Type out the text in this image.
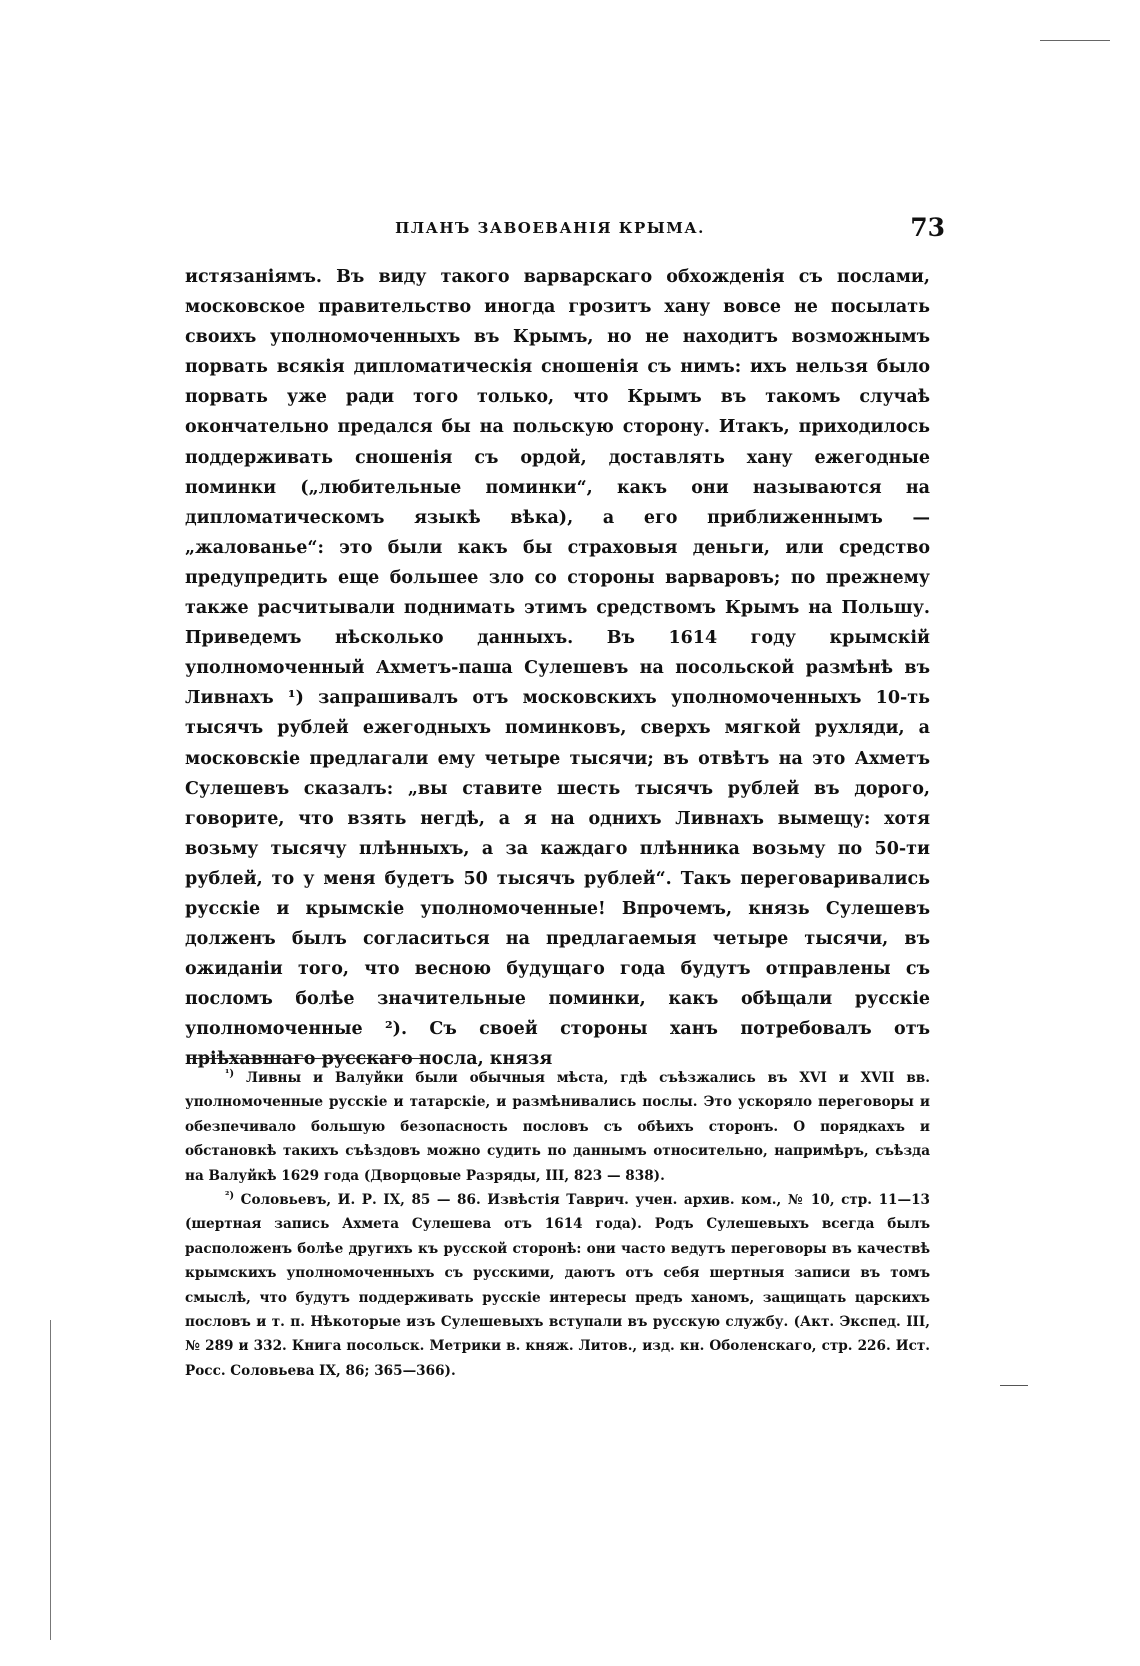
ПЛАНЪ ЗАВОЕВАНІЯ КРЫМА.	73

истязаніямъ. Въ виду такого варварскаго обхожденія съ послами, московское правительство иногда грозитъ хану вовсе не посылать своихъ уполномоченныхъ въ Крымъ, но не находитъ возможнымъ порвать всякія дипломатическія сношенія съ нимъ: ихъ нельзя было порвать уже ради того только, что Крымъ въ такомъ случаѣ окончательно предался бы на польскую сторону. Итакъ, приходилось поддерживать сношенія съ ордой, доставлять хану ежегодные поминки („любительные поминки“, какъ они называются на дипломатическомъ языкѣ вѣка), а его приближеннымъ — „жалованье“: это были какъ бы страховыя деньги, или средство предупредить еще большее зло со стороны варваровъ; по прежнему также расчитывали поднимать этимъ средствомъ Крымъ на Польшу. Приведемъ нѣсколько данныхъ. Въ 1614 году крымскій уполномоченный Ахметъ-паша Сулешевъ на посольской размѣнѣ въ Ливнахъ ¹) запрашивалъ отъ московскихъ уполномоченныхъ 10-ть тысячъ рублей ежегодныхъ поминковъ, сверхъ мягкой рухляди, а московскіе предлагали ему четыре тысячи; въ отвѣтъ на это Ахметъ Сулешевъ сказалъ: „вы ставите шесть тысячъ рублей въ дорого, говорите, что взять негдѣ, а я на однихъ Ливнахъ вымещу: хотя возьму тысячу плѣнныхъ, а за каждаго плѣнника возьму по 50-ти рублей, то у меня будетъ 50 тысячъ рублей“. Такъ переговаривались русскіе и крымскіе уполномоченные! Впрочемъ, князь Сулешевъ долженъ былъ согласиться на предлагаемыя четыре тысячи, въ ожиданіи того, что весною будущаго года будутъ отправлены съ посломъ болѣе значительные поминки, какъ обѣщали русскіе уполномоченные ²). Съ своей стороны ханъ потребовалъ отъ пріѣхавшаго русскаго посла, князя

$^{^1)}$ Ливны и Валуйки были обычныя мѣста, гдѣ съѣзжались въ XVI и XVII вв. уполномоченные русскіе и татарскіе, и размѣнивались послы. Это ускоряло переговоры и обезпечивало большую безопасность пословъ съ обѣихъ сторонъ. О порядкахъ и обстановкѣ такихъ съѣздовъ можно судить по даннымъ относительно, напримѣръ, съѣзда на Валуйкѣ 1629 года (Дворцовые Разряды, III, 823 — 838).

$^{^2)}$ Соловьевъ, И. Р. IX, 85 — 86. Извѣстія Таврич. учен. архив. ком., № 10, стр. 11—13 (шертная запись Ахмета Сулешева отъ 1614 года). Родъ Сулешевыхъ всегда былъ расположенъ болѣе другихъ къ русской сторонѣ: они часто ведутъ переговоры въ качествѣ крымскихъ уполномоченныхъ съ русскими, даютъ отъ себя шертныя записи въ томъ смыслѣ, что будутъ поддерживать русскіе интересы предъ ханомъ, защищать царскихъ пословъ и т. п. Нѣкоторые изъ Сулешевыхъ вступали въ русскую службу. (Акт. Экспед. III, № 289 и 332. Книга посольск. Метрики в. княж. Литов., изд. кн. Оболенскаго, стр. 226. Ист. Росс. Соловьева IX, 86; 365—366).
